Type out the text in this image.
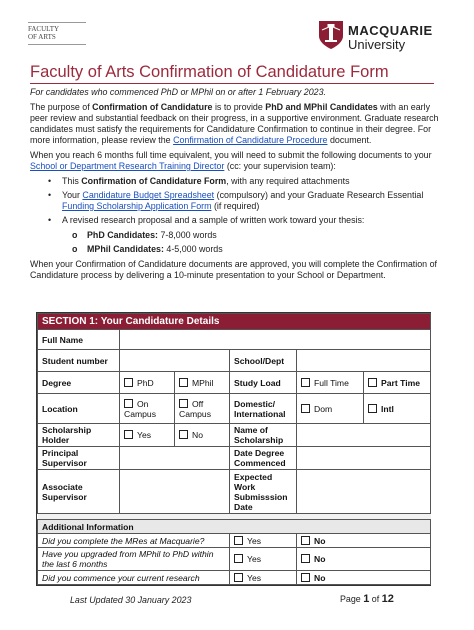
FACULTY
OF ARTS	MACQUARIE
University
Faculty of Arts Confirmation of Candidature Form

For candidates who commenced PhD or MPhil on or after 1 February 2023.

The purpose of Confirmation of Candidature is to provide PhD and MPhil Candidates with an early peer review and substantial feedback on their progress, in a supportive environment. Graduate research candidates must satisfy the requirements for Candidature Confirmation to continue in their degree. For more information, please review the Confirmation of Candidature Procedure document.

When you reach 6 months full time equivalent, you will need to submit the following documents to your School or Department Research Training Director (cc: your supervision team):

• This Confirmation of Candidature Form, with any required attachments
• Your Candidature Budget Spreadsheet (compulsory) and your Graduate Research Essential Funding Scholarship Application Form (if required)
• A revised research proposal and a sample of written work toward your thesis:
o PhD Candidates: 7-8,000 words
o MPhil Candidates: 4-5,000 words

When your Confirmation of Candidature documents are approved, you will complete the Confirmation of Candidature process by delivering a 10-minute presentation to your School or Department.

SECTION 1: Your Candidature Details					
Full Name					
Student number			School/Dept		
Degree	PhD	MPhil	Study Load	Full Time	Part Time
Location	On Campus	Off Campus	Domestic/ International	Dom	Intl
Scholarship Holder	Yes	No	Name of Scholarship		
Principal Supervisor			Date Degree Commenced		
Associate Supervisor			Expected Work Submisssion Date		

Additional Information					
Did you complete the MRes at Macquarie?			Yes	No	
Have you upgraded from MPhil to PhD within the last 6 months			Yes	No	
Did you commence your current research			Yes	No	
Last Updated 30 January 2023	Page 1 of 12
